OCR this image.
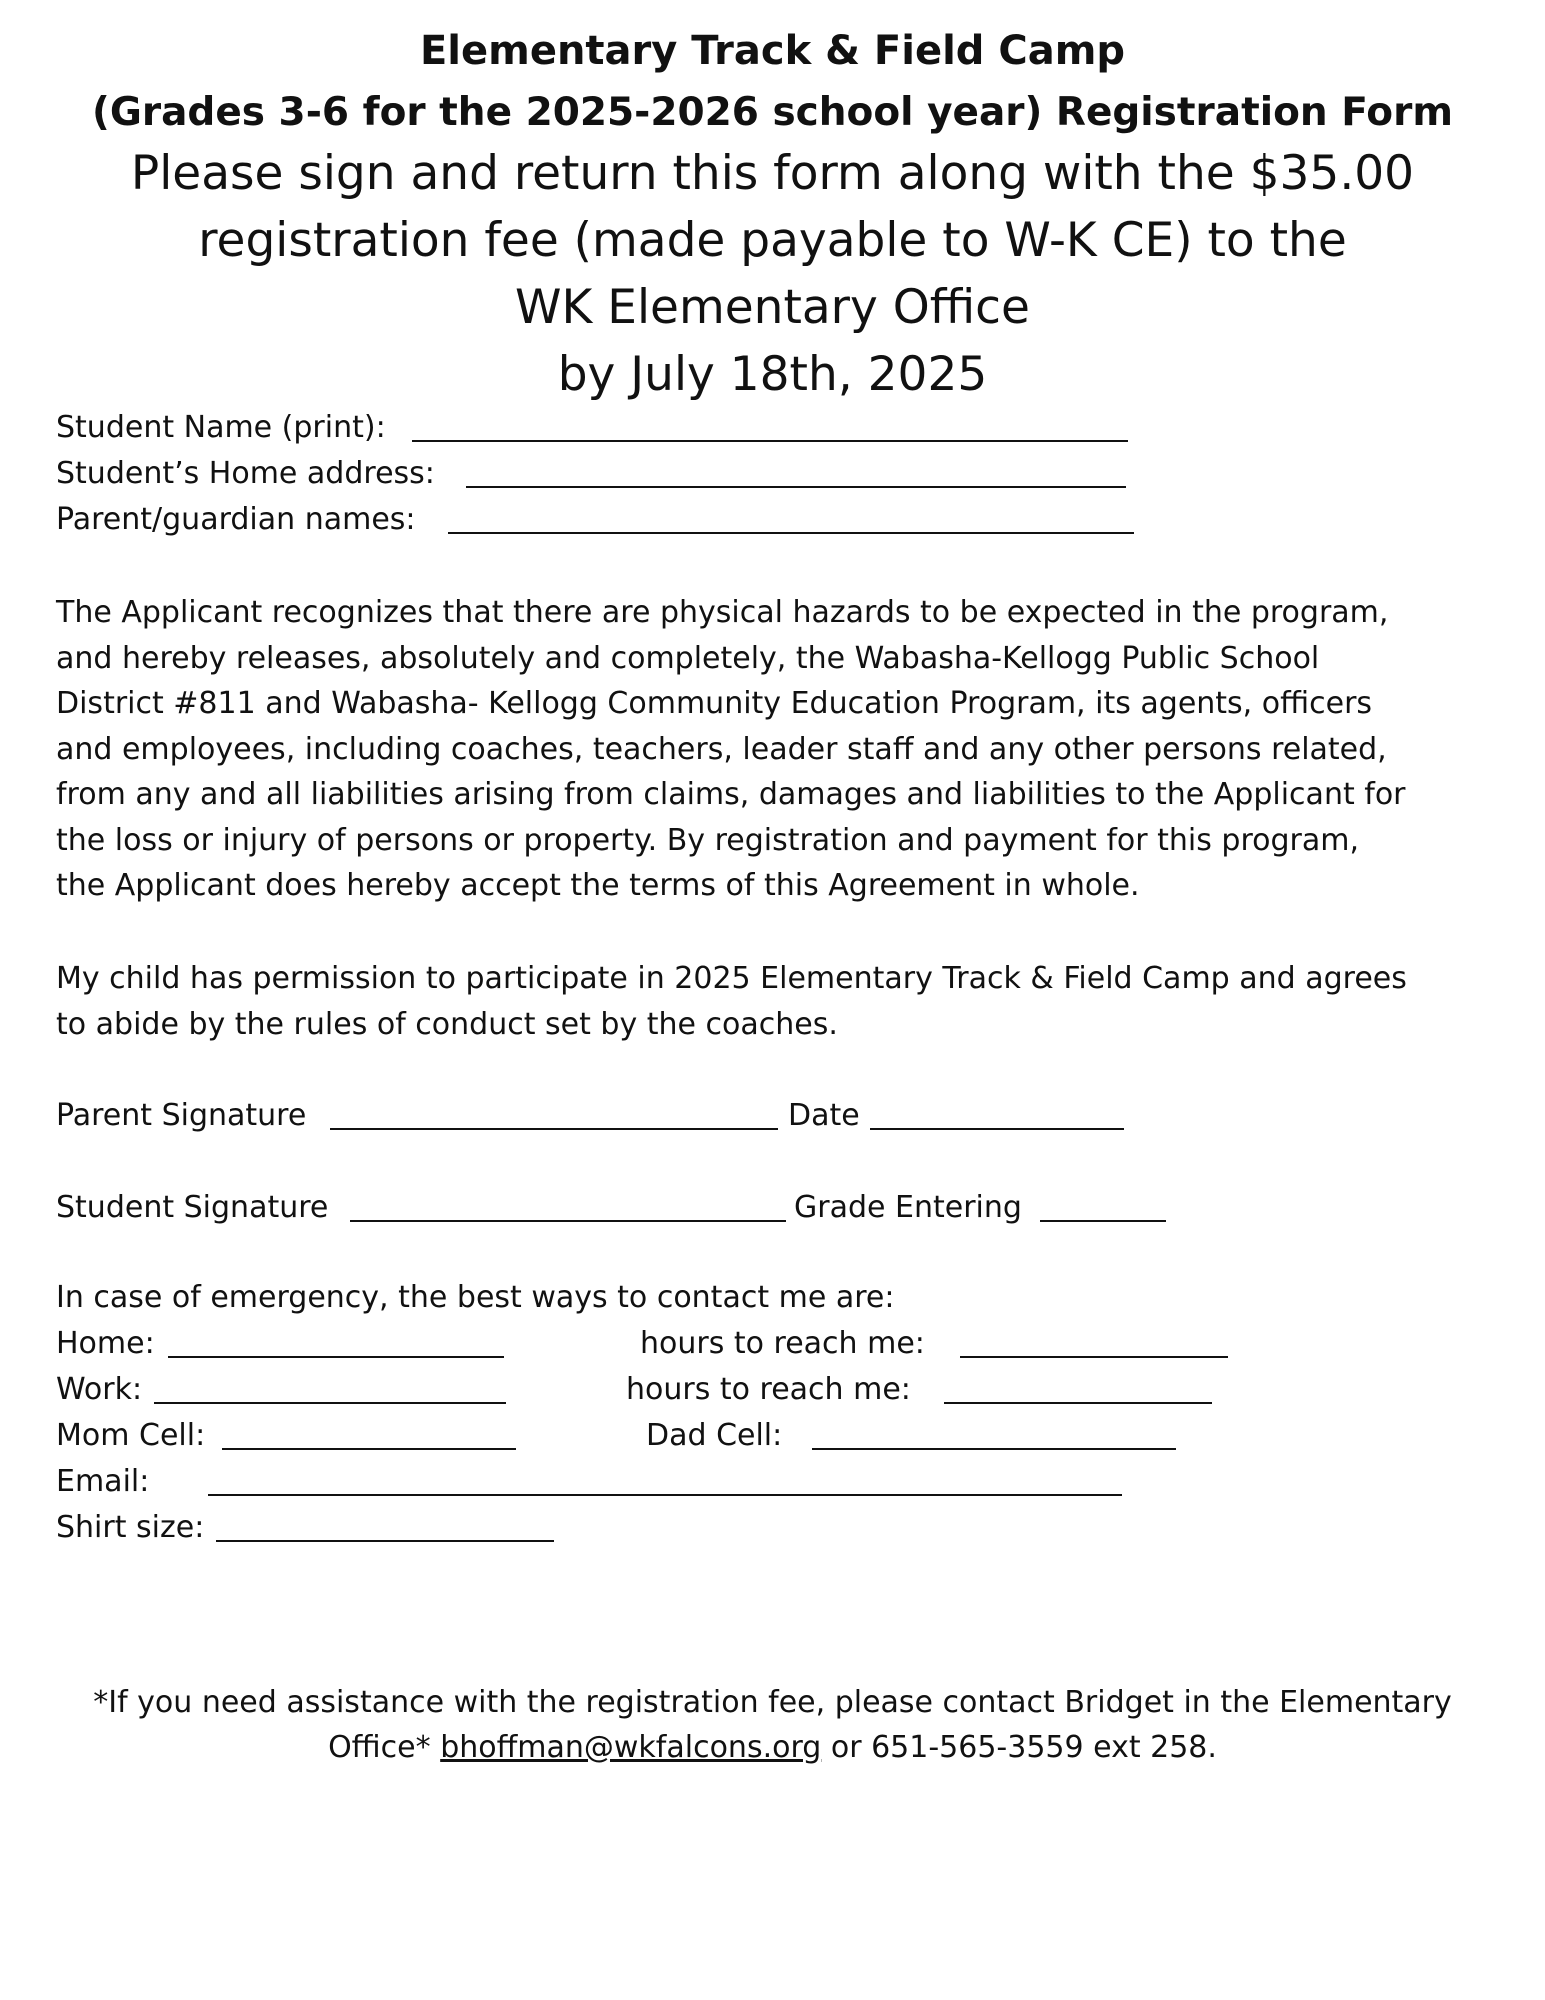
Elementary Track & Field Camp
(Grades 3-6 for the 2025-2026 school year) Registration Form
Please sign and return this form along with the $35.00
registration fee (made payable to W-K CE) to the
WK Elementary Office
by July 18th, 2025
Student Name (print):
Student’s Home address:
Parent/guardian names:
The Applicant recognizes that there are physical hazards to be expected in the program,
and hereby releases, absolutely and completely, the Wabasha-Kellogg Public School
District #811 and Wabasha- Kellogg Community Education Program, its agents, officers
and employees, including coaches, teachers, leader staff and any other persons related,
from any and all liabilities arising from claims, damages and liabilities to the Applicant for
the loss or injury of persons or property. By registration and payment for this program,
the Applicant does hereby accept the terms of this Agreement in whole.
My child has permission to participate in 2025 Elementary Track & Field Camp and agrees
to abide by the rules of conduct set by the coaches.
Parent Signature	Date
Student Signature	Grade Entering
In case of emergency, the best ways to contact me are:
Home:	hours to reach me:
Work:	hours to reach me:
Mom Cell:	Dad Cell:
Email:
Shirt size:
*If you need assistance with the registration fee, please contact Bridget in the Elementary
Office* bhoffman@wkfalcons.org or 651-565-3559 ext 258.
